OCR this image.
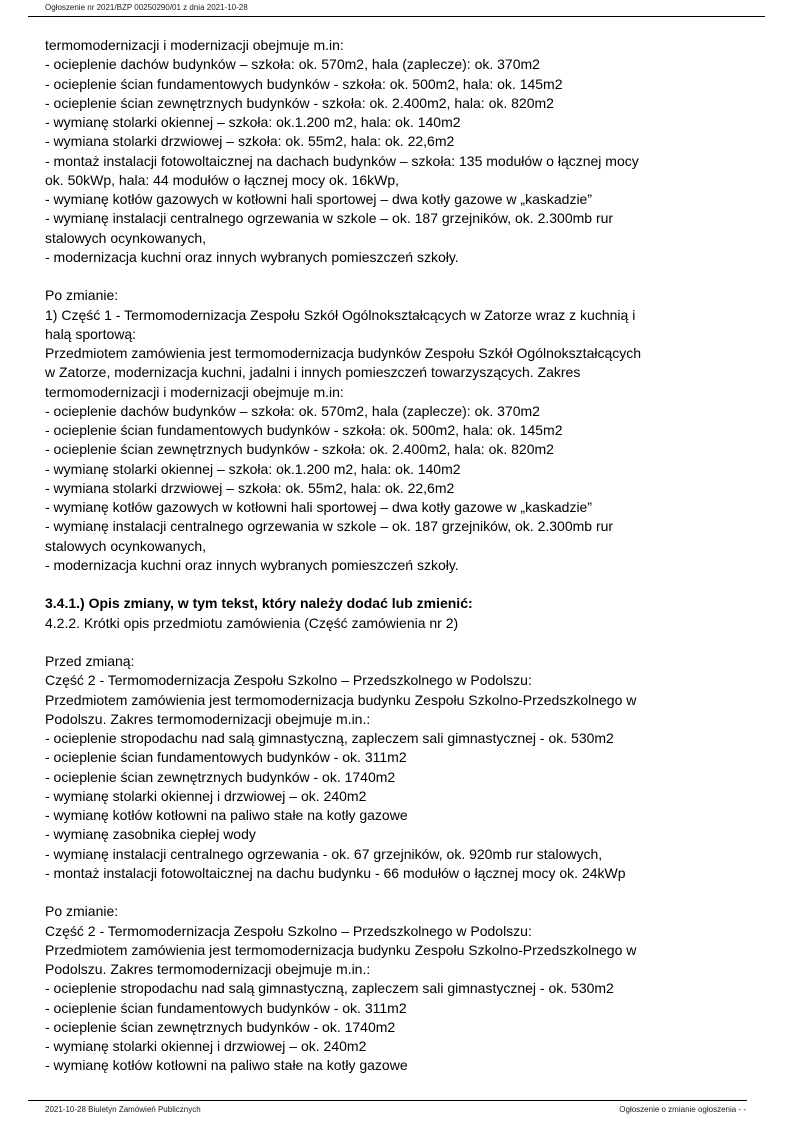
Ogłoszenie nr 2021/BZP 00250290/01 z dnia 2021-10-28
termomodernizacji i modernizacji obejmuje m.in:
- ocieplenie dachów budynków – szkoła: ok. 570m2, hala (zaplecze): ok. 370m2
- ocieplenie ścian fundamentowych budynków - szkoła: ok. 500m2, hala: ok. 145m2
- ocieplenie ścian zewnętrznych budynków - szkoła: ok. 2.400m2, hala: ok. 820m2
- wymianę stolarki okiennej – szkoła: ok.1.200 m2, hala: ok. 140m2
- wymiana stolarki drzwiowej – szkoła: ok. 55m2, hala: ok. 22,6m2
- montaż instalacji fotowoltaicznej na dachach budynków – szkoła: 135 modułów o łącznej mocy
ok. 50kWp, hala: 44 modułów o łącznej mocy ok. 16kWp,
- wymianę kotłów gazowych w kotłowni hali sportowej – dwa kotły gazowe w „kaskadzie”
- wymianę instalacji centralnego ogrzewania w szkole – ok. 187 grzejników, ok. 2.300mb rur
stalowych ocynkowanych,
- modernizacja kuchni oraz innych wybranych pomieszczeń szkoły.
Po zmianie:
1) Część 1 - Termomodernizacja Zespołu Szkół Ogólnokształcących w Zatorze wraz z kuchnią i
halą sportową:
Przedmiotem zamówienia jest termomodernizacja budynków Zespołu Szkół Ogólnokształcących
w Zatorze, modernizacja kuchni, jadalni i innych pomieszczeń towarzyszących. Zakres
termomodernizacji i modernizacji obejmuje m.in:
- ocieplenie dachów budynków – szkoła: ok. 570m2, hala (zaplecze): ok. 370m2
- ocieplenie ścian fundamentowych budynków - szkoła: ok. 500m2, hala: ok. 145m2
- ocieplenie ścian zewnętrznych budynków - szkoła: ok. 2.400m2, hala: ok. 820m2
- wymianę stolarki okiennej – szkoła: ok.1.200 m2, hala: ok. 140m2
- wymiana stolarki drzwiowej – szkoła: ok. 55m2, hala: ok. 22,6m2
- wymianę kotłów gazowych w kotłowni hali sportowej – dwa kotły gazowe w „kaskadzie”
- wymianę instalacji centralnego ogrzewania w szkole – ok. 187 grzejników, ok. 2.300mb rur
stalowych ocynkowanych,
- modernizacja kuchni oraz innych wybranych pomieszczeń szkoły.
3.4.1.) Opis zmiany, w tym tekst, który należy dodać lub zmienić:
4.2.2. Krótki opis przedmiotu zamówienia (Część zamówienia nr 2)
Przed zmianą:
Część 2 - Termomodernizacja Zespołu Szkolno – Przedszkolnego w Podolszu:
Przedmiotem zamówienia jest termomodernizacja budynku Zespołu Szkolno-Przedszkolnego w
Podolszu. Zakres termomodernizacji obejmuje m.in.:
- ocieplenie stropodachu nad salą gimnastyczną, zapleczem sali gimnastycznej - ok. 530m2
- ocieplenie ścian fundamentowych budynków - ok. 311m2
- ocieplenie ścian zewnętrznych budynków - ok. 1740m2
- wymianę stolarki okiennej i drzwiowej – ok. 240m2
- wymianę kotłów kotłowni na paliwo stałe na kotły gazowe
- wymianę zasobnika ciepłej wody
- wymianę instalacji centralnego ogrzewania - ok. 67 grzejników, ok. 920mb rur stalowych,
- montaż instalacji fotowoltaicznej na dachu budynku - 66 modułów o łącznej mocy ok. 24kWp
Po zmianie:
Część 2 - Termomodernizacja Zespołu Szkolno – Przedszkolnego w Podolszu:
Przedmiotem zamówienia jest termomodernizacja budynku Zespołu Szkolno-Przedszkolnego w
Podolszu. Zakres termomodernizacji obejmuje m.in.:
- ocieplenie stropodachu nad salą gimnastyczną, zapleczem sali gimnastycznej - ok. 530m2
- ocieplenie ścian fundamentowych budynków - ok. 311m2
- ocieplenie ścian zewnętrznych budynków - ok. 1740m2
- wymianę stolarki okiennej i drzwiowej – ok. 240m2
- wymianę kotłów kotłowni na paliwo stałe na kotły gazowe
2021-10-28 Biuletyn Zamówień Publicznych	Ogłoszenie o zmianie ogłoszenia - -
